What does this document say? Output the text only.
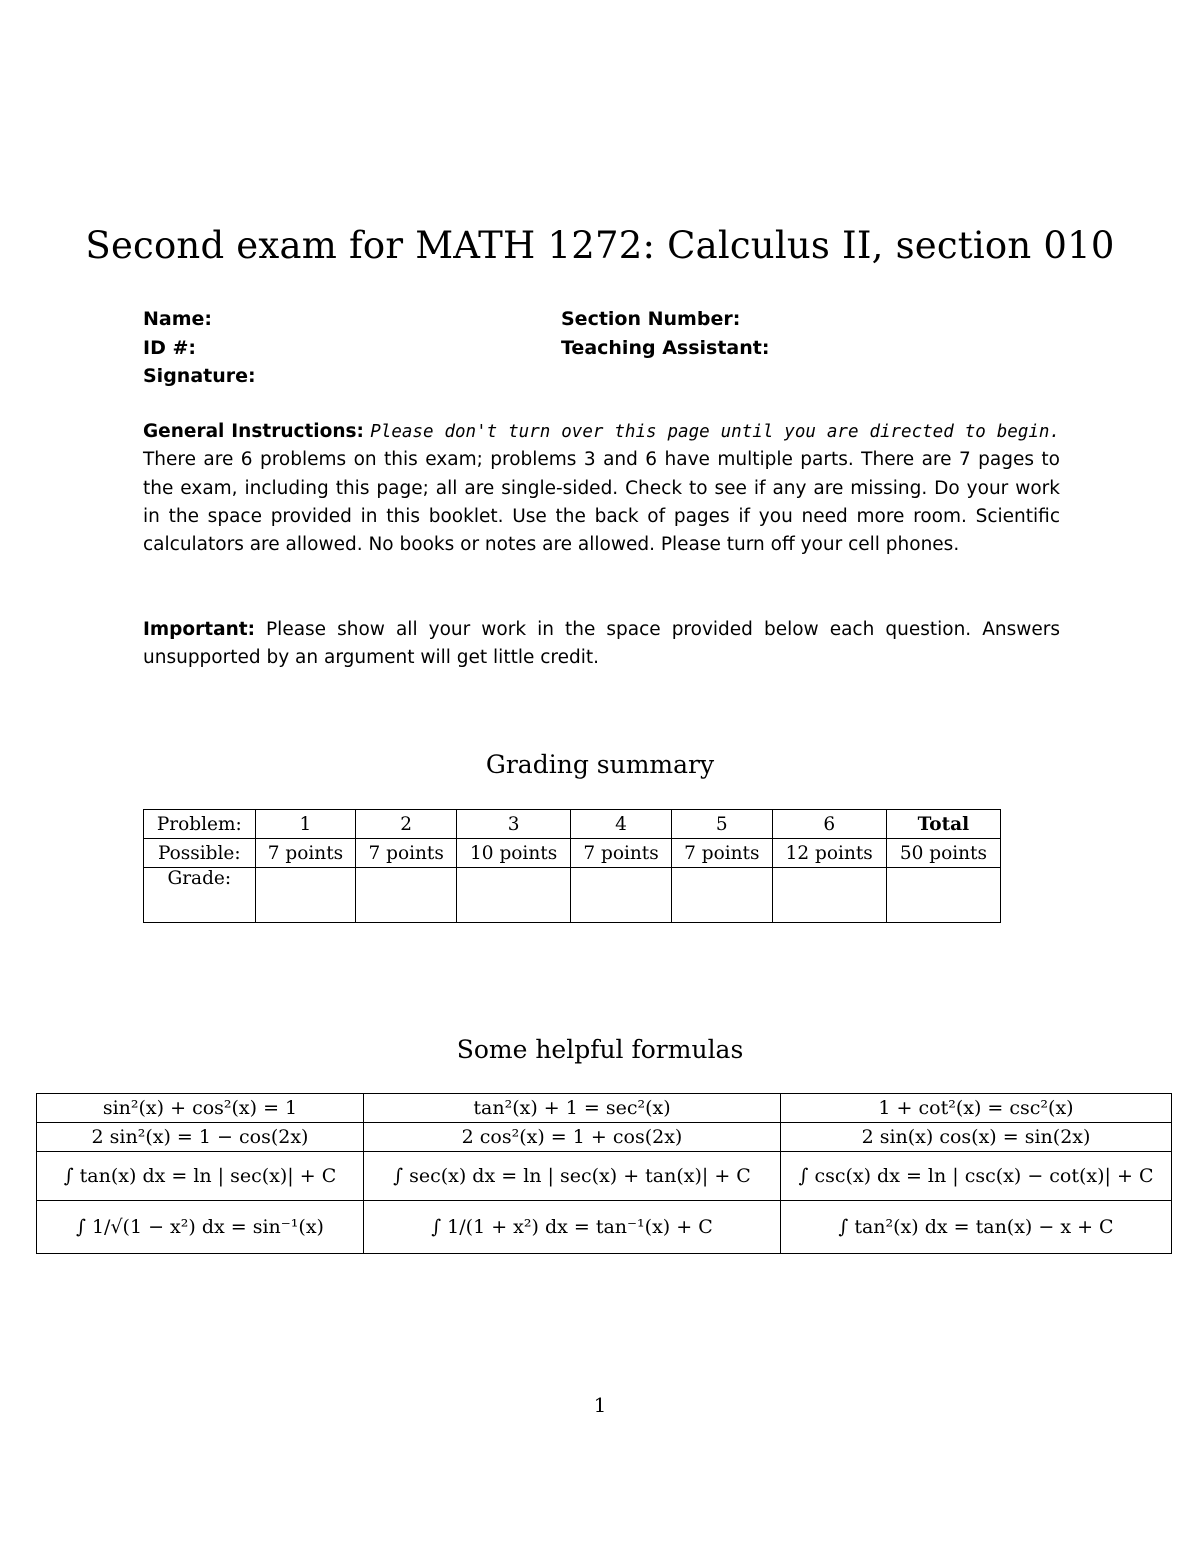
Second exam for MATH 1272: Calculus II, section 010
Name:
ID #:
Signature:
Section Number:
Teaching Assistant:
General Instructions: Please don't turn over this page until you are directed to begin. There are 6 problems on this exam; problems 3 and 6 have multiple parts. There are 7 pages to the exam, including this page; all are single-sided. Check to see if any are missing. Do your work in the space provided in this booklet. Use the back of pages if you need more room. Scientific calculators are allowed. No books or notes are allowed. Please turn off your cell phones.
Important: Please show all your work in the space provided below each question. Answers unsupported by an argument will get little credit.
Grading summary
Problem:	1	2	3	4	5	6	Total
Possible:	7 points	7 points	10 points	7 points	7 points	12 points	50 points
Grade:							
Some helpful formulas
sin²(x) + cos²(x) = 1	tan²(x) + 1 = sec²(x)	1 + cot²(x) = csc²(x)
2 sin²(x) = 1 − cos(2x)	2 cos²(x) = 1 + cos(2x)	2 sin(x) cos(x) = sin(2x)
∫ tan(x) dx = ln | sec(x)| + C	∫ sec(x) dx = ln | sec(x) + tan(x)| + C	∫ csc(x) dx = ln | csc(x) − cot(x)| + C
∫ 1/√(1 − x²) dx = sin⁻¹(x)	∫ 1/(1 + x²) dx = tan⁻¹(x) + C	∫ tan²(x) dx = tan(x) − x + C
1
